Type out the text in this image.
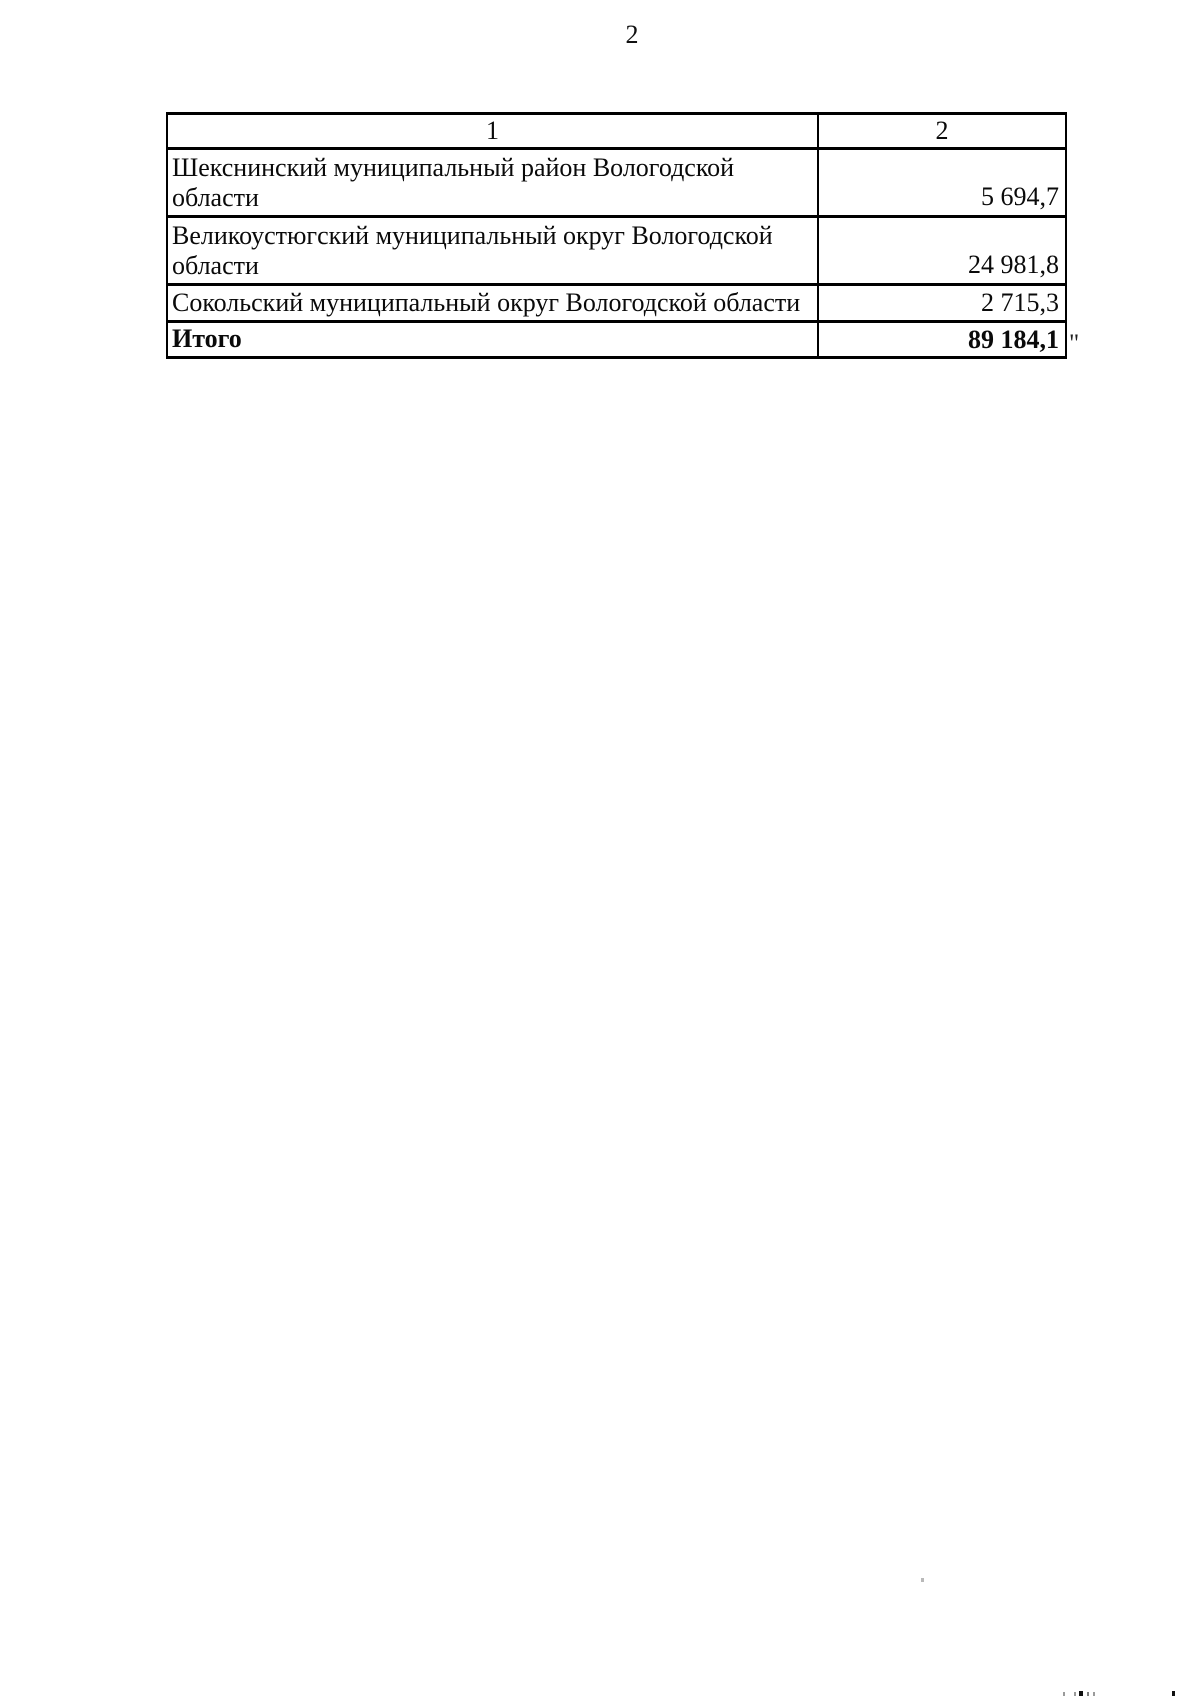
2
1	2

Шекснинский муниципальный район Вологодской области	5 694,7

Великоустюгский муниципальный округ Вологодской области	24 981,8
Сокольский муниципальный округ Вологодской области	2 715,3
Итого	89 184,1 "
